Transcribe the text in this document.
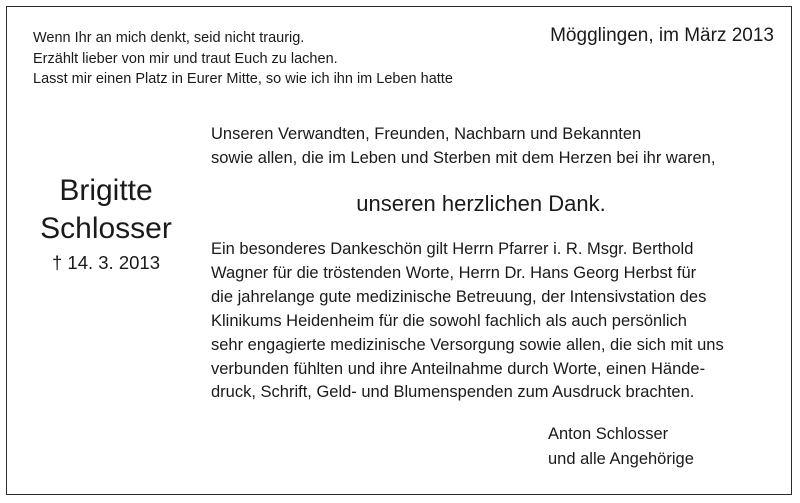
Wenn Ihr an mich denkt, seid nicht traurig.
Erzählt lieber von mir und traut Euch zu lachen.
Lasst mir einen Platz in Eurer Mitte, so wie ich ihn im Leben hatte
Mögglingen, im März 2013
Brigitte
Schlosser
† 14. 3. 2013
Unseren Verwandten, Freunden, Nachbarn und Bekannten
sowie allen, die im Leben und Sterben mit dem Herzen bei ihr waren,
unseren herzlichen Dank.
Ein besonderes Dankeschön gilt Herrn Pfarrer i. R. Msgr. Berthold
Wagner für die tröstenden Worte, Herrn Dr. Hans Georg Herbst für
die jahrelange gute medizinische Betreuung, der Intensivstation des
Klinikums Heidenheim für die sowohl fachlich als auch persönlich
sehr engagierte medizinische Versorgung sowie allen, die sich mit uns
verbunden fühlten und ihre Anteilnahme durch Worte, einen Hände-
druck, Schrift, Geld- und Blumenspenden zum Ausdruck brachten.
Anton Schlosser
und alle Angehörige
